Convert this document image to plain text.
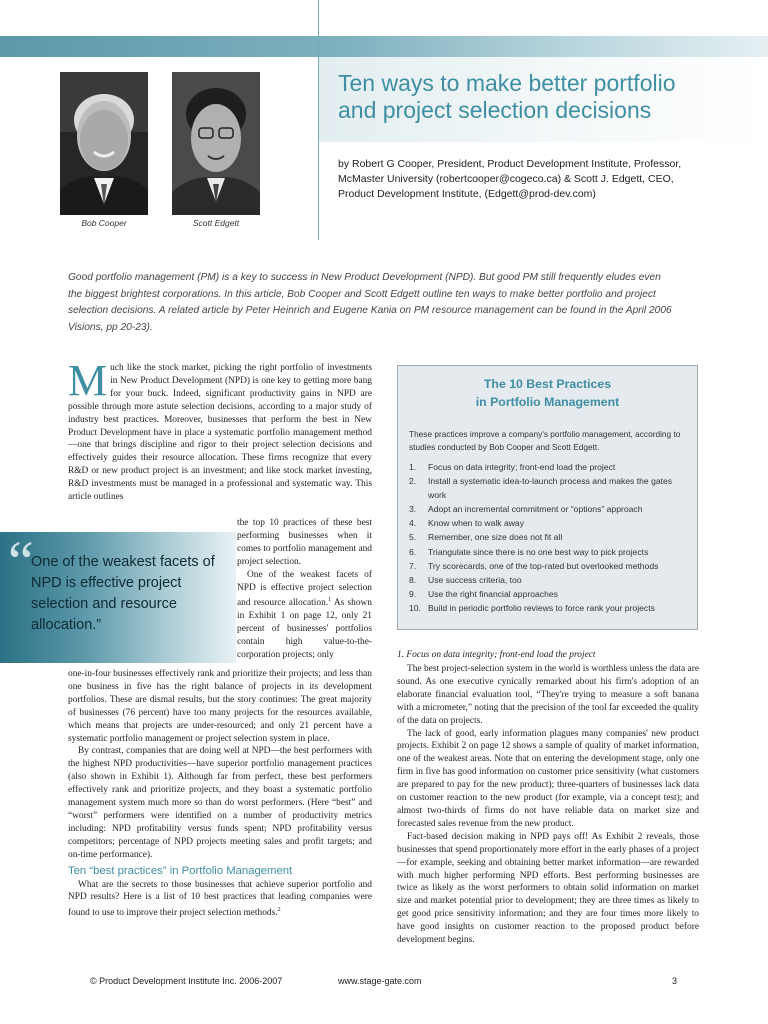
Ten ways to make better portfolio
and project selection decisions
by Robert G Cooper, President, Product Development Institute, Professor,
McMaster University (robertcooper@cogeco.ca) & Scott J. Edgett, CEO,
Product Development Institute, (Edgett@prod-dev.com)
Bob Cooper	Scott Edgett
Good portfolio management (PM) is a key to success in New Product Development (NPD). But good PM still frequently eludes even
the biggest brightest corporations. In this article, Bob Cooper and Scott Edgett outline ten ways to make better portfolio and project
selection decisions. A related article by Peter Heinrich and Eugene Kania on PM resource management can be found in the April 2006
Visions, pp 20-23).

Much like the stock market, picking the right portfolio of investments in New Product Development (NPD) is one key to getting more bang for your buck. Indeed, significant productivity gains in NPD are possible through more astute selection decisions, according to a major study of industry best practices. Moreover, businesses that perform the best in New Product Development have in place a systematic portfolio management method—one that brings discipline and rigor to their project selection decisions and effectively guides their resource allocation. These firms recognize that every R&D or new product project is an investment; and like stock market investing, R&D investments must be managed in a professional and systematic way. This article outlines

“
One of the weakest facets of NPD is effective project selection and resource allocation.”

the top 10 practices of these best performing businesses when it comes to portfolio management and project selection.

One of the weakest facets of NPD is effective project selection and resource allocation.$^1$ As shown in Exhibit 1 on page 12, only 21 percent of businesses' portfolios contain high value-to-the-corporation projects; only

one-in-four businesses effectively rank and prioritize their projects; and less than one business in five has the right balance of projects in its development portfolios. These are dismal results, but the story continues: The great majority of businesses (76 percent) have too many projects for the resources available, which means that projects are under-resourced; and only 21 percent have a systematic portfolio management or project selection system in place.

By contrast, companies that are doing well at NPD—the best performers with the highest NPD productivities—have superior portfolio management practices (also shown in Exhibit 1). Although far from perfect, these best performers effectively rank and prioritize projects, and they boast a systematic portfolio management system much more so than do worst performers. (Here “best” and “worst” performers were identified on a number of productivity metrics including: NPD profitability versus funds spent; NPD profitability versus competitors; percentage of NPD projects meeting sales and profit targets; and on-time performance).

Ten “best practices” in Portfolio Management

What are the secrets to those businesses that achieve superior portfolio and NPD results? Here is a list of 10 best practices that leading companies were found to use to improve their project selection methods.$^2$

The 10 Best Practices
in Portfolio Management
These practices improve a company's portfolio management, according to studies conducted by Bob Cooper and Scott Edgett.
1.	Focus on data integrity; front-end load the project
2.	Install a systematic idea-to-launch process and makes the gates
work
3.	Adopt an incremental commitment or “options” approach
4.	Know when to walk away
5.	Remember, one size does not fit all
6.	Triangulate since there is no one best way to pick projects
7.	Try scorecards, one of the top-rated but overlooked methods
8.	Use success criteria, too
9.	Use the right financial approaches
10. Build in periodic portfolio reviews to force rank your projects
1. Focus on data integrity; front-end load the project

The best project-selection system in the world is worthless unless the data are sound. As one executive cynically remarked about his firm's adoption of an elaborate financial evaluation tool, “They're trying to measure a soft banana with a micrometer,” noting that the precision of the tool far exceeded the quality of the data on projects.

The lack of good, early information plagues many companies' new product projects. Exhibit 2 on page 12 shows a sample of quality of market information, one of the weakest areas. Note that on entering the development stage, only one firm in five has good information on customer price sensitivity (what customers are prepared to pay for the new product); three-quarters of businesses lack data on customer reaction to the new product (for example, via a concept test); and almost two-thirds of firms do not have reliable data on market size and forecasted sales revenue from the new product.

Fact-based decision making in NPD pays off! As Exhibit 2 reveals, those businesses that spend proportionately more effort in the early phases of a project—for example, seeking and obtaining better market information—are rewarded with much higher performing NPD efforts. Best performing businesses are twice as likely as the worst performers to obtain solid information on market size and market potential prior to development; they are three times as likely to get good price sensitivity information; and they are four times more likely to have good insights on customer reaction to the proposed product before development begins.

© Product Development Institute Inc. 2006-2007	www.stage-gate.com	3
